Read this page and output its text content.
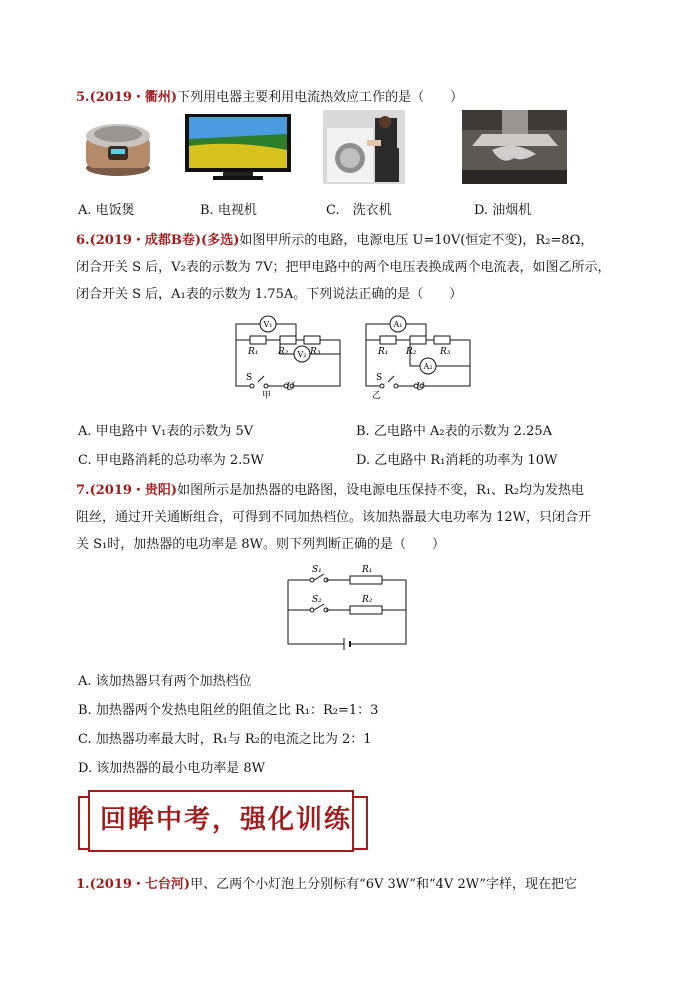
5.(2019・衢州)下列用电器主要利用电流热效应工作的是（　　）
A. 电饭煲	B. 电视机	C.　洗衣机	D. 油烟机
6.(2019・成都B卷)(多选)如图甲所示的电路，电源电压 U=10V(恒定不变)，R₂=8Ω，
闭合开关 S 后，V₂表的示数为 7V；把甲电路中的两个电压表换成两个电流表，如图乙所示，
闭合开关 S 后，A₁表的示数为 1.75A。下列说法正确的是（　　）
V₁
V₂
R₁ R₂ R₃
S
U
甲
A₁
A₂
R₁ R₂	R₃
S
U
乙
A. 甲电路中 V₁表的示数为 5V	B. 乙电路中 A₂表的示数为 2.25A
C. 甲电路消耗的总功率为 2.5W	D. 乙电路中 R₁消耗的功率为 10W
7.(2019・贵阳)如图所示是加热器的电路图，设电源电压保持不变，R₁、R₂均为发热电
阻丝，通过开关通断组合，可得到不同加热档位。该加热器最大电功率为 12W，只闭合开
关 S₁时，加热器的电功率是 8W。则下列判断正确的是（　　）
S₁
S₂
R₁
R₂
A. 该加热器只有两个加热档位
B. 加热器两个发热电阻丝的阻值之比 R₁：R₂=1：3
C. 加热器功率最大时，R₁与 R₂的电流之比为 2：1
D. 该加热器的最小电功率是 8W
回眸中考，强化训练
1.(2019・七台河)甲、乙两个小灯泡上分别标有“6V 3W”和“4V 2W”字样，现在把它
